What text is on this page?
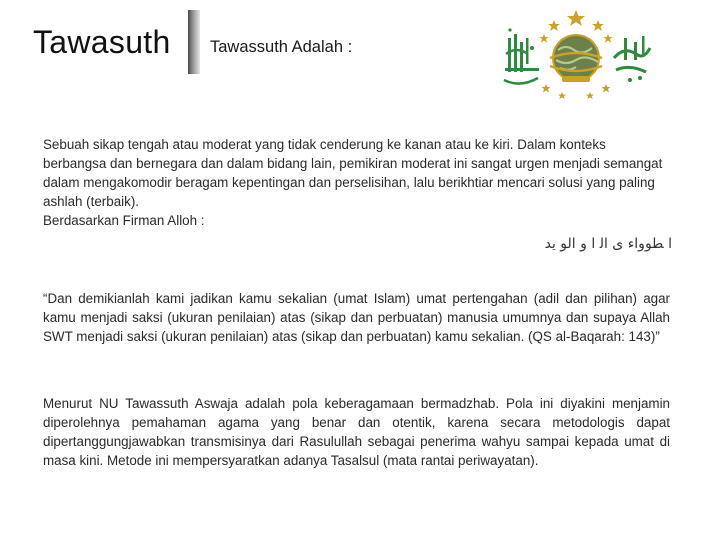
Tawasuth Tawassuth Adalah :

Sebuah sikap tengah atau moderat yang tidak cenderung ke kanan atau ke kiri. Dalam konteks berbangsa dan bernegara dan dalam bidang lain, pemikiran moderat ini sangat urgen menjadi semangat dalam mengakomodir beragam kepentingan dan perselisihan, lalu berikhtiar mencari solusi yang paling ashlah (terbaik).

Berdasarkan Firman Alloh :

ا ﻄﻮﻭﺍﺀ ﻯ ﺍﻟ ﺍ ﻭ ﺍﻟﻮ ﻳﺪ
“Dan demikianlah kami jadikan kamu sekalian (umat Islam) umat pertengahan (adil dan pilihan) agar kamu menjadi saksi (ukuran penilaian) atas (sikap dan perbuatan) manusia umumnya dan supaya Allah SWT menjadi saksi (ukuran penilaian) atas (sikap dan perbuatan) kamu sekalian. (QS al-Baqarah: 143)”
Menurut NU Tawassuth Aswaja adalah pola keberagamaan bermadzhab. Pola ini diyakini menjamin diperolehnya pemahaman agama yang benar dan otentik, karena secara metodologis dapat dipertanggungjawabkan transmisinya dari Rasulullah sebagai penerima wahyu sampai kepada umat di masa kini. Metode ini mempersyaratkan adanya Tasalsul (mata rantai periwayatan).
